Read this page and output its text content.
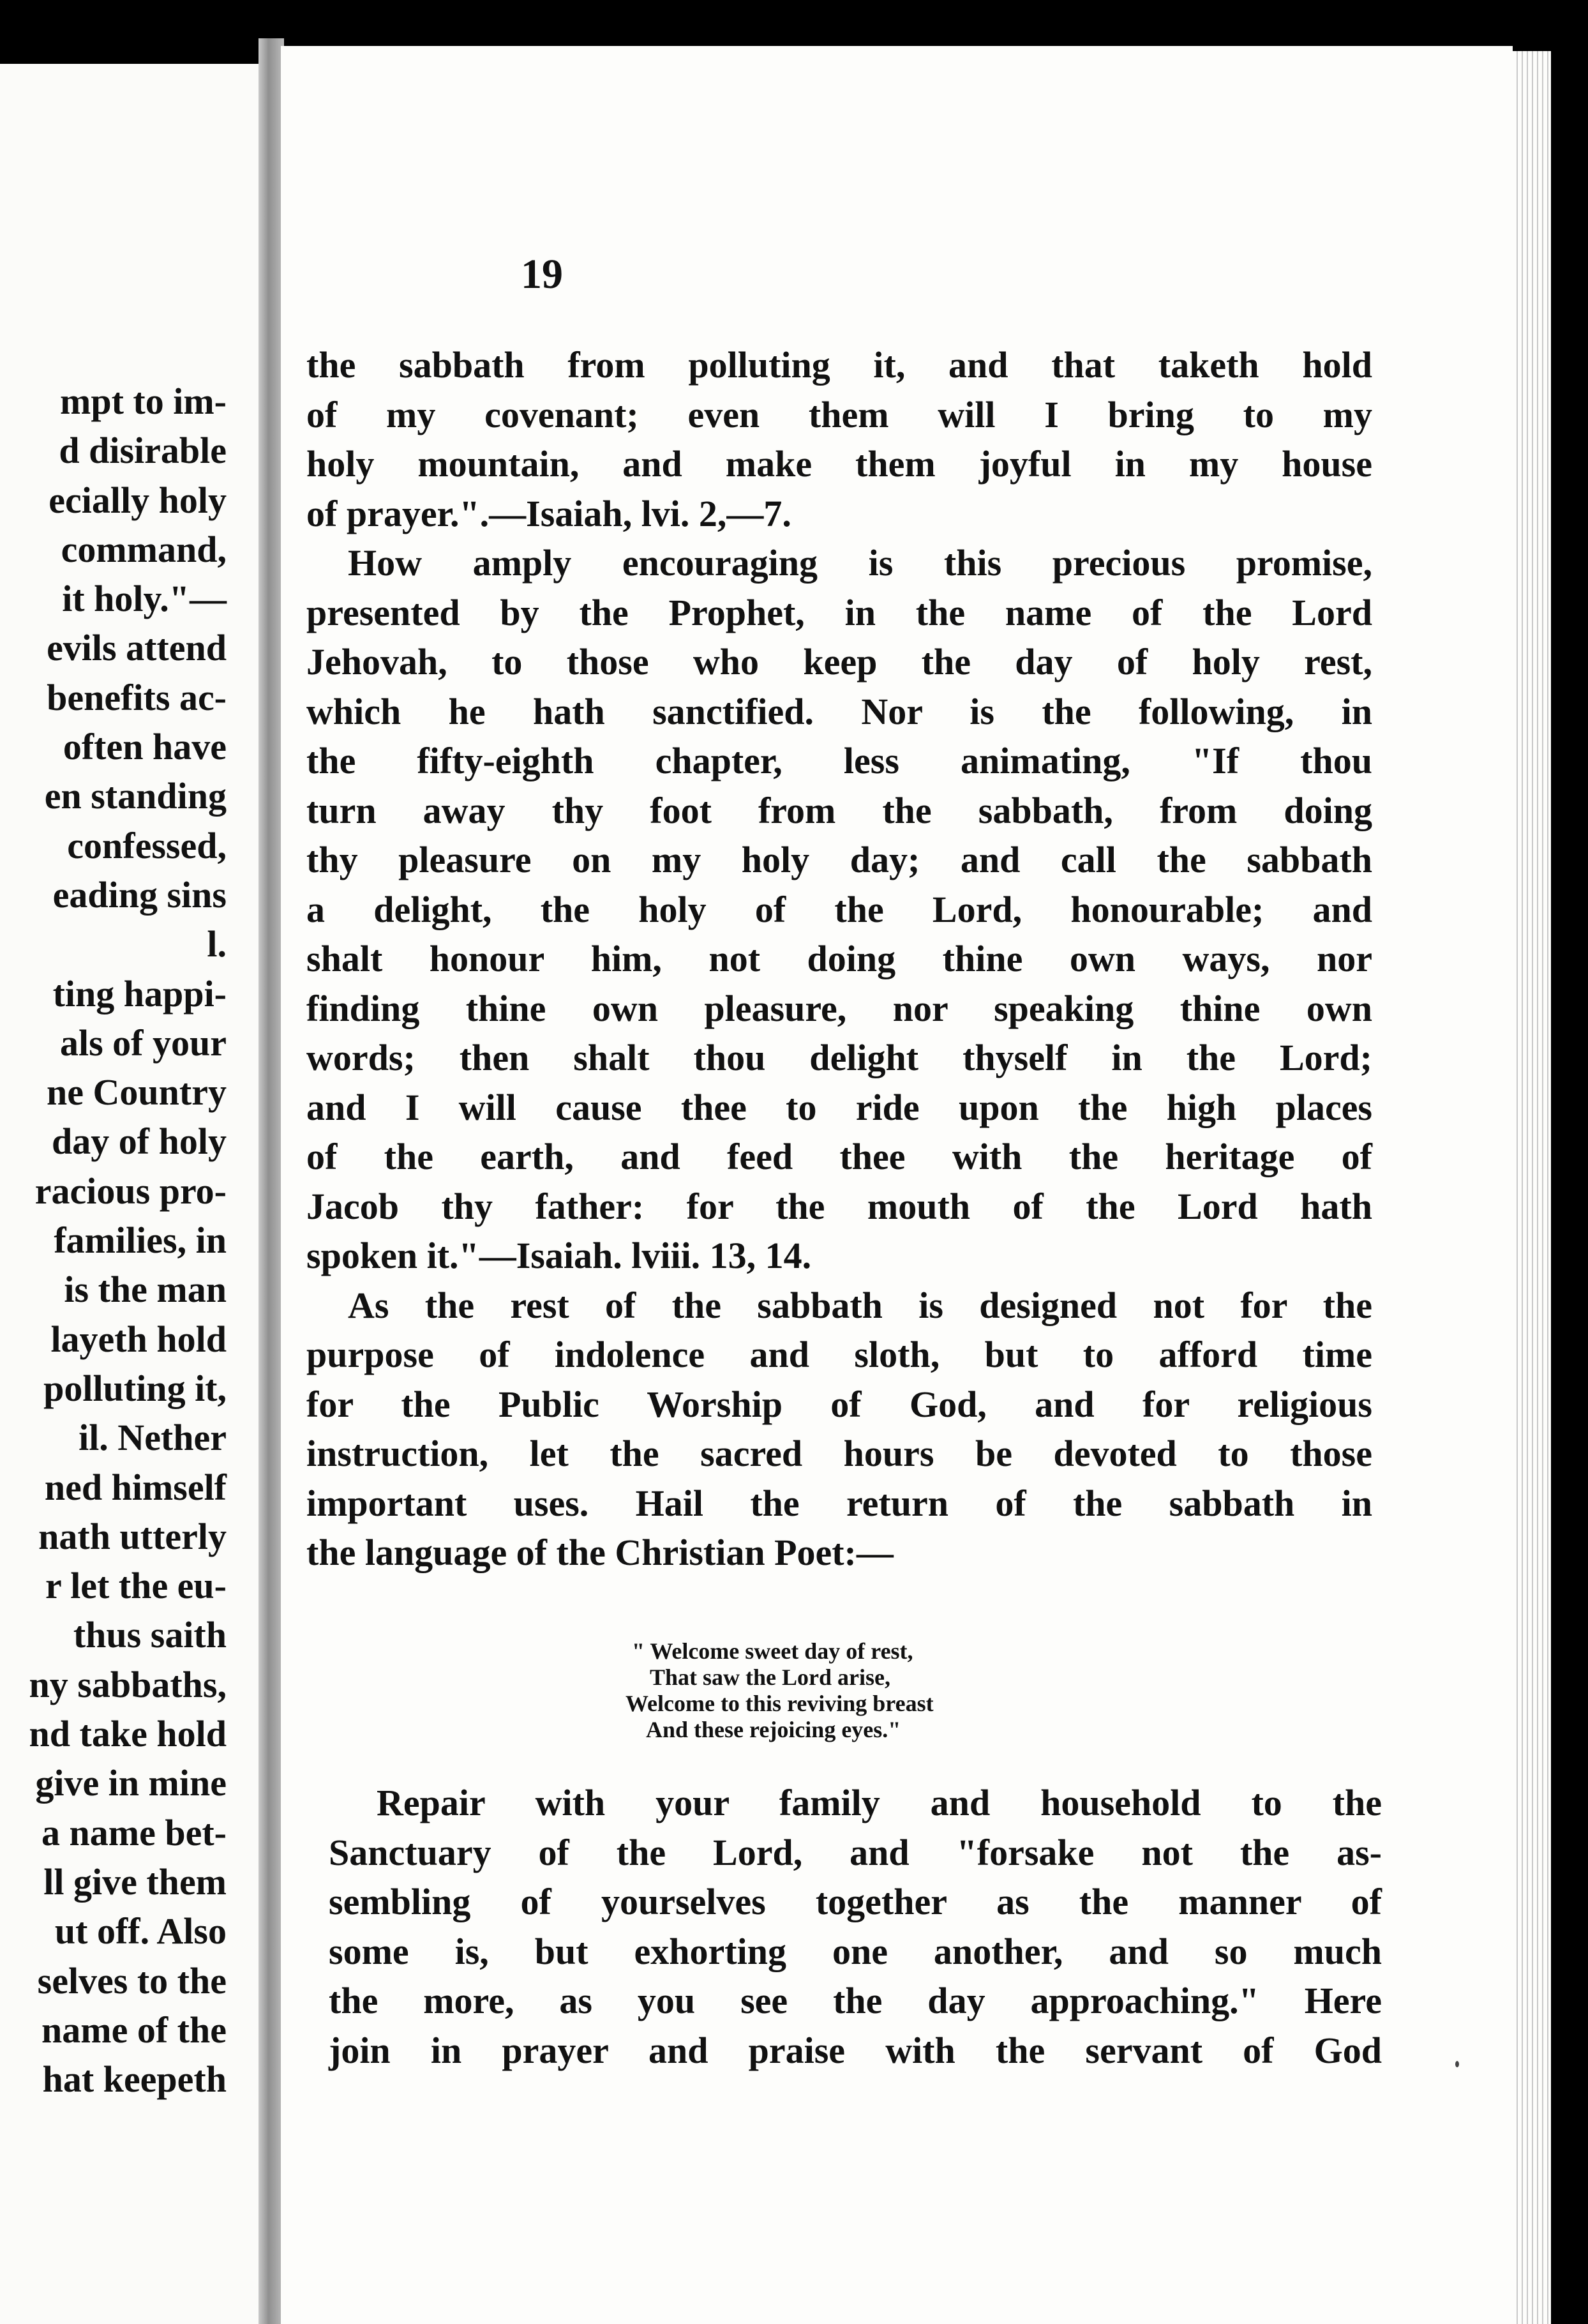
mpt to im-
d disirable
ecially holy
command,
it holy."—
evils attend
benefits ac-
often have
en standing
confessed,
eading sins
l.
ting happi-
als of your
ne Country
day of holy
racious pro-
families, in
is the man
layeth hold
polluting it,
il. Nether
ned himself
nath utterly
r let the eu-
thus saith
ny sabbaths,
nd take hold
give in mine
a name bet-
ll give them
ut off. Also
selves to the
name of the
hat keepeth
19
the sabbath from polluting it, and that taketh hold
of my covenant; even them will I bring to my
holy mountain, and make them joyful in my house
of prayer.".—Isaiah, lvi. 2,—7.
How amply encouraging is this precious promise,
presented by the Prophet, in the name of the Lord
Jehovah, to those who keep the day of holy rest,
which he hath sanctified. Nor is the following, in
the fifty-eighth chapter, less animating, "If thou
turn away thy foot from the sabbath, from doing
thy pleasure on my holy day; and call the sabbath
a delight, the holy of the Lord, honourable; and
shalt honour him, not doing thine own ways, nor
finding thine own pleasure, nor speaking thine own
words; then shalt thou delight thyself in the Lord;
and I will cause thee to ride upon the high places
of the earth, and feed thee with the heritage of
Jacob thy father: for the mouth of the Lord hath
spoken it."—Isaiah. lviii. 13, 14.
As the rest of the sabbath is designed not for the
purpose of indolence and sloth, but to afford time
for the Public Worship of God, and for religious
instruction, let the sacred hours be devoted to those
important uses. Hail the return of the sabbath in
the language of the Christian Poet:—
" Welcome sweet day of rest,
That saw the Lord arise,
Welcome to this reviving breast
And these rejoicing eyes."
Repair with your family and household to the
Sanctuary of the Lord, and "forsake not the as-
sembling of yourselves together as the manner of
some is, but exhorting one another, and so much
the more, as you see the day approaching." Here
join in prayer and praise with the servant of God
